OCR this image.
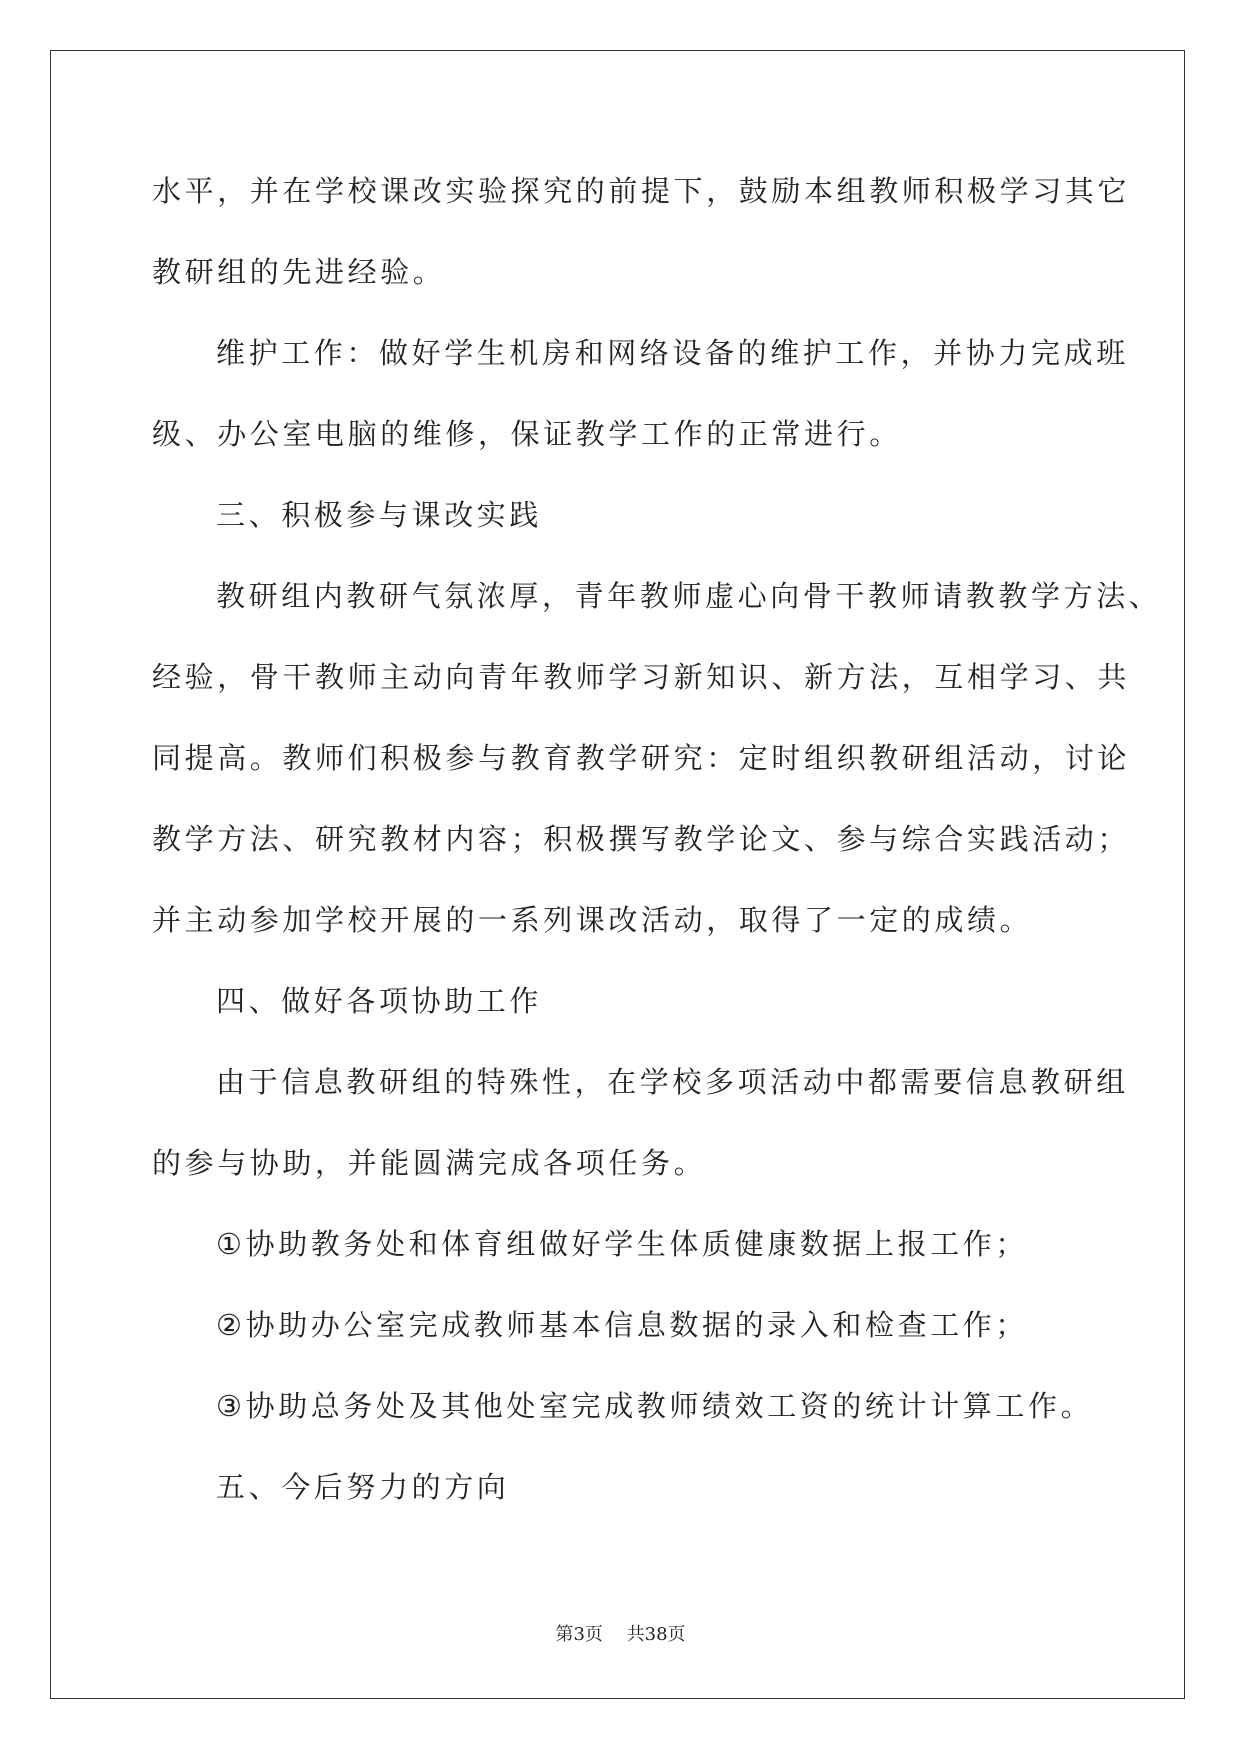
水平，并在学校课改实验探究的前提下，鼓励本组教师积极学习其它
教研组的先进经验。
维护工作：做好学生机房和网络设备的维护工作，并协力完成班
级、办公室电脑的维修，保证教学工作的正常进行。
三、积极参与课改实践
教研组内教研气氛浓厚，青年教师虚心向骨干教师请教教学方法、
经验，骨干教师主动向青年教师学习新知识、新方法，互相学习、共
同提高。教师们积极参与教育教学研究：定时组织教研组活动，讨论
教学方法、研究教材内容；积极撰写教学论文、参与综合实践活动；
并主动参加学校开展的一系列课改活动，取得了一定的成绩。
四、做好各项协助工作
由于信息教研组的特殊性，在学校多项活动中都需要信息教研组
的参与协助，并能圆满完成各项任务。
①协助教务处和体育组做好学生体质健康数据上报工作；
②协助办公室完成教师基本信息数据的录入和检查工作；
③协助总务处及其他处室完成教师绩效工资的统计计算工作。
五、今后努力的方向
第3页 共38页
